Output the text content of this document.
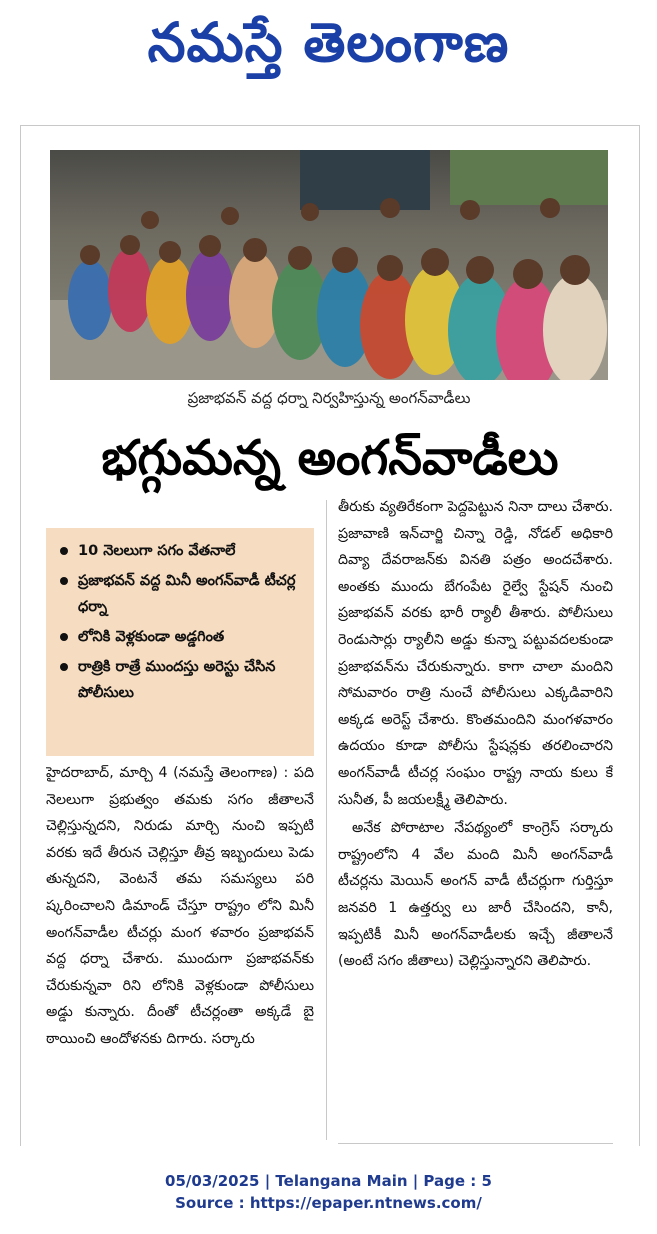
నమస్తే తెలంగాణ
ప్రజాభవన్ వద్ద ధర్నా నిర్వహిస్తున్న అంగన్‌వాడీలు
భగ్గుమన్న అంగన్‌వాడీలు
10 నెలలుగా సగం వేతనాలే
ప్రజాభవన్ వద్ద మినీ అంగన్‌వాడీ టీచర్ల ధర్నా
లోనికి వెళ్లకుండా అడ్డగింత
రాత్రికి రాత్రే ముందస్తు అరెస్టు చేసిన పోలీసులు

హైదరాబాద్, మార్చి 4 (నమస్తే తెలంగాణ) : పది నెలలుగా ప్రభుత్వం తమకు సగం జీతాలనే చెల్లిస్తున్నదని, నిరుడు మార్చి నుంచి ఇప్పటి వరకు ఇదే తీరున చెల్లిస్తూ తీవ్ర ఇబ్బందులు పెడు తున్నదని, వెంటనే తమ సమస్యలు పరి ష్కరించాలని డిమాండ్ చేస్తూ రాష్ట్రం లోని మినీ అంగన్‌వాడీల టీచర్లు మంగ ళవారం ప్రజాభవన్ వద్ద ధర్నా చేశారు. ముందుగా ప్రజాభవన్‌కు చేరుకున్నవా రిని లోనికి వెళ్లకుండా పోలీసులు అడ్డు కున్నారు. దీంతో టీచర్లంతా అక్కడే బై ఠాయించి ఆందోళనకు దిగారు. సర్కారు

తీరుకు వ్యతిరేకంగా పెద్దపెట్టున నినా దాలు చేశారు. ప్రజావాణి ఇన్‌చార్జి చిన్నా రెడ్డి, నోడల్ అధికారి దివ్యా దేవరాజన్‌కు వినతి పత్రం అందచేశారు. అంతకు ముందు బేగంపేట రైల్వే స్టేషన్ నుంచి ప్రజాభవన్ వరకు భారీ ర్యాలీ తీశారు. పోలీసులు రెండుసార్లు ర్యాలీని అడ్డు కున్నా పట్టువదలకుండా ప్రజాభవన్‌ను చేరుకున్నారు. కాగా చాలా మందిని సోమవారం రాత్రి నుంచే పోలీసులు ఎక్కడివారిని అక్కడ అరెస్ట్ చేశారు. కొంతమందిని మంగళవారం ఉదయం కూడా పోలీసు స్టేషన్లకు తరలించారని అంగన్‌వాడీ టీచర్ల సంఘం రాష్ట్ర నాయ కులు కే సునీత, పీ జయలక్ష్మీ తెలిపారు.

అనేక పోరాటాల నేపథ్యంలో కాంగ్రెస్ సర్కారు రాష్ట్రంలోని 4 వేల మంది మినీ అంగన్‌వాడీ టీచర్లను మెయిన్ అంగన్ వాడీ టీచర్లుగా గుర్తిస్తూ జనవరి 1 ఉత్తర్వు లు జారీ చేసిందని, కానీ, ఇప్పటికీ మినీ అంగన్‌వాడీలకు ఇచ్చే జీతాలనే (అంటే సగం జీతాలు) చెల్లిస్తున్నారని తెలిపారు.

05/03/2025 | Telangana Main | Page : 5
Source : https://epaper.ntnews.com/
